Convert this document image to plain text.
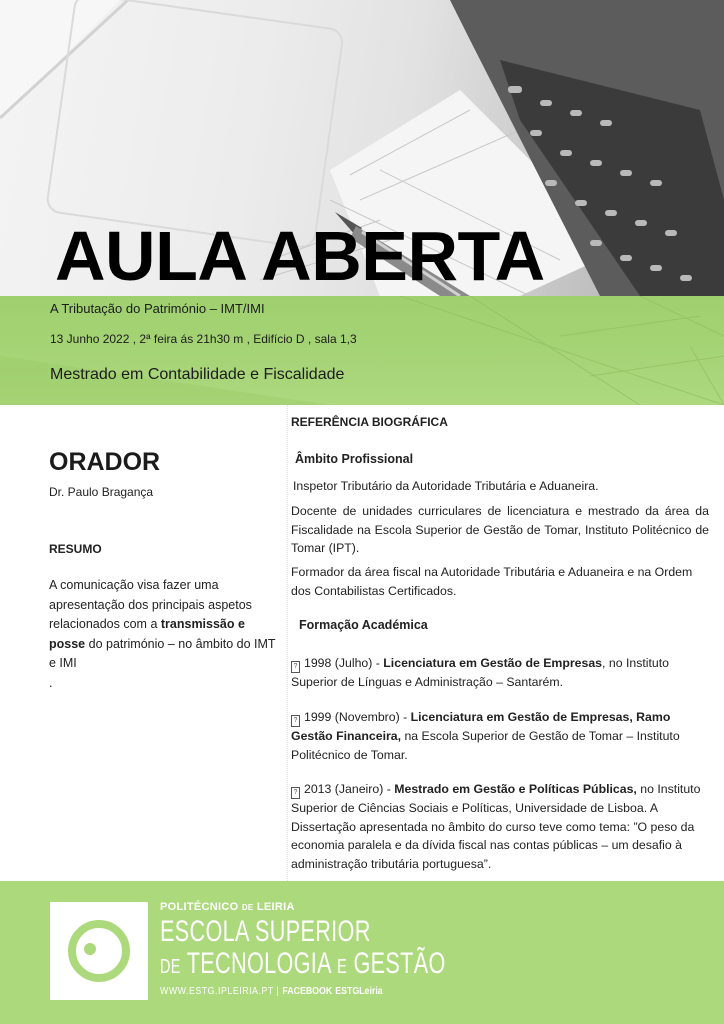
AULA ABERTA
A Tributação do Património – IMT/IMI
13 Junho 2022 , 2ª feira ás 21h30 m , Edifício D , sala 1,3
Mestrado em Contabilidade e Fiscalidade
ORADOR
Dr. Paulo Bragança
RESUMO
A comunicação visa fazer uma apresentação dos principais aspetos relacionados com a transmissão e posse do património – no âmbito do IMT e IMI
.
REFERÊNCIA BIOGRÁFICA
Âmbito Profissional
Inspetor Tributário da Autoridade Tributária e Aduaneira.
Docente de unidades curriculares de licenciatura e mestrado da área da Fiscalidade na Escola Superior de Gestão de Tomar, Instituto Politécnico de Tomar (IPT).
Formador da área fiscal na Autoridade Tributária e Aduaneira e na Ordem dos Contabilistas Certificados.
Formação Académica
? 1998 (Julho) - Licenciatura em Gestão de Empresas, no Instituto Superior de Línguas e Administração – Santarém.
? 1999 (Novembro) - Licenciatura em Gestão de Empresas, Ramo Gestão Financeira, na Escola Superior de Gestão de Tomar – Instituto Politécnico de Tomar.
? 2013 (Janeiro) - Mestrado em Gestão e Políticas Públicas, no Instituto Superior de Ciências Sociais e Políticas, Universidade de Lisboa. A Dissertação apresentada no âmbito do curso teve como tema: ”O peso da economia paralela e da dívida fiscal nas contas públicas – um desafio à administração tributária portuguesa”.
POLITÉCNICO DE LEIRIA
ESCOLA SUPERIOR
DE TECNOLOGIA E GESTÃO
WWW.ESTG.IPLEIRIA.PT | FACEBOOK ESTGLeiria
